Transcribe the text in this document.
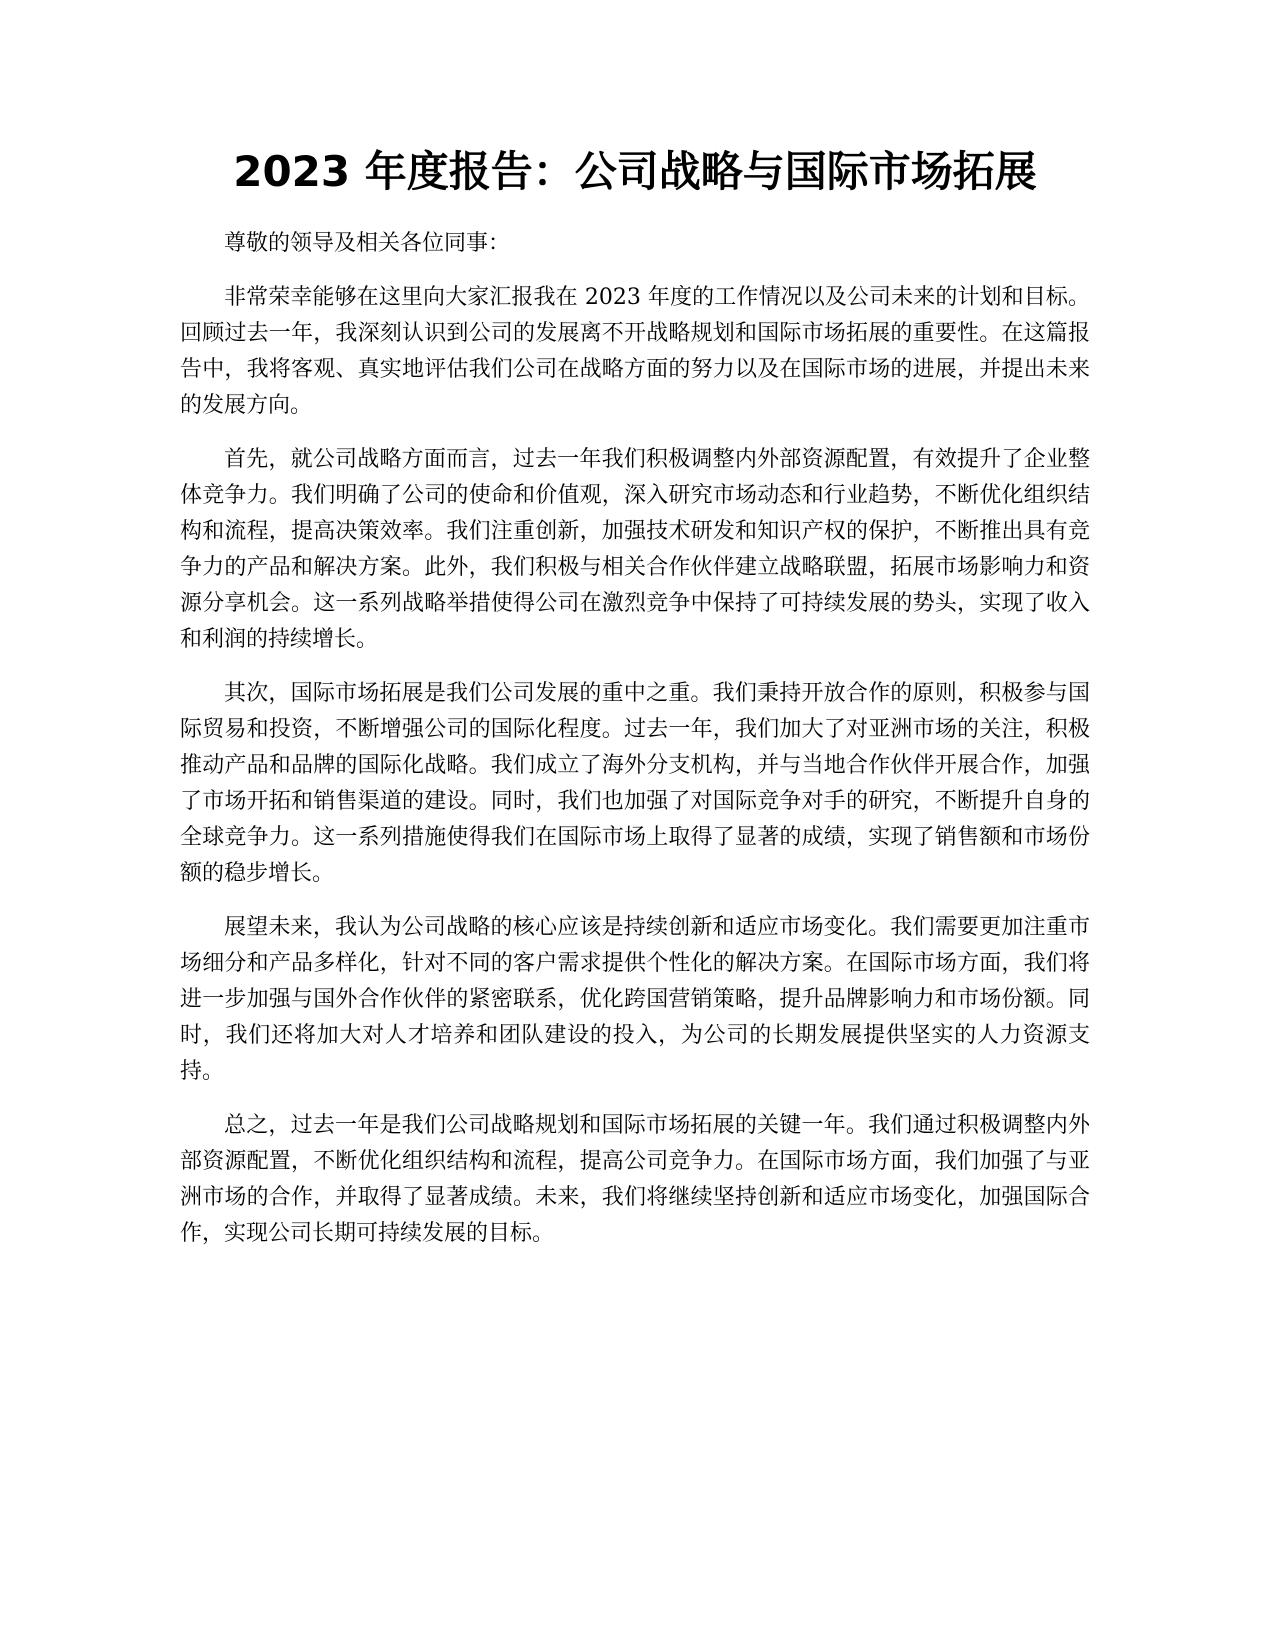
2023 年度报告：公司战略与国际市场拓展

尊敬的领导及相关各位同事：

非常荣幸能够在这里向大家汇报我在 2023 年度的工作情况以及公司未来的计划和目标。回顾过去一年，我深刻认识到公司的发展离不开战略规划和国际市场拓展的重要性。在这篇报告中，我将客观、真实地评估我们公司在战略方面的努力以及在国际市场的进展，并提出未来的发展方向。

首先，就公司战略方面而言，过去一年我们积极调整内外部资源配置，有效提升了企业整体竞争力。我们明确了公司的使命和价值观，深入研究市场动态和行业趋势，不断优化组织结构和流程，提高决策效率。我们注重创新，加强技术研发和知识产权的保护，不断推出具有竞争力的产品和解决方案。此外，我们积极与相关合作伙伴建立战略联盟，拓展市场影响力和资源分享机会。这一系列战略举措使得公司在激烈竞争中保持了可持续发展的势头，实现了收入和利润的持续增长。

其次，国际市场拓展是我们公司发展的重中之重。我们秉持开放合作的原则，积极参与国际贸易和投资，不断增强公司的国际化程度。过去一年，我们加大了对亚洲市场的关注，积极推动产品和品牌的国际化战略。我们成立了海外分支机构，并与当地合作伙伴开展合作，加强了市场开拓和销售渠道的建设。同时，我们也加强了对国际竞争对手的研究，不断提升自身的全球竞争力。这一系列措施使得我们在国际市场上取得了显著的成绩，实现了销售额和市场份额的稳步增长。

展望未来，我认为公司战略的核心应该是持续创新和适应市场变化。我们需要更加注重市场细分和产品多样化，针对不同的客户需求提供个性化的解决方案。在国际市场方面，我们将进一步加强与国外合作伙伴的紧密联系，优化跨国营销策略，提升品牌影响力和市场份额。同时，我们还将加大对人才培养和团队建设的投入，为公司的长期发展提供坚实的人力资源支持。

总之，过去一年是我们公司战略规划和国际市场拓展的关键一年。我们通过积极调整内外部资源配置，不断优化组织结构和流程，提高公司竞争力。在国际市场方面，我们加强了与亚洲市场的合作，并取得了显著成绩。未来，我们将继续坚持创新和适应市场变化，加强国际合作，实现公司长期可持续发展的目标。
